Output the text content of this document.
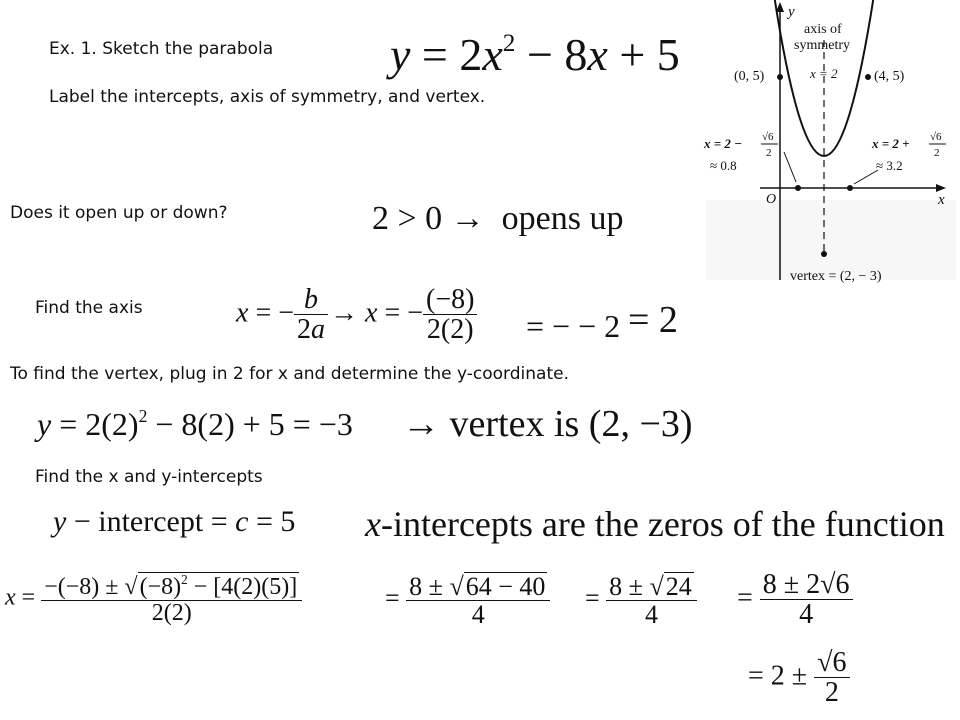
Ex. 1. Sketch the parabola
Label the intercepts, axis of symmetry, and vertex.
Does it open up or down?
Find the axis
To find the vertex, plug in 2 for x and determine the y-coordinate.
Find the x and y-intercepts
$y = 2x^2 - 8x + 5$
2 > 0 →  opens up
x = − $\frac{b}{2a} \to x$ = − $\frac{(-8)}{2(2)}$ = − − 2 = 2
$y = 2(2)^2 - 8(2) + 5 = -3$ → vertex is (2, −3)
y − intercept = c = 5 x-intercepts are the zeros of the function
$x = \frac{-(-8) \pm √(-8)^2 - [4(2)(5)]}{2(2)}$	= $\frac{8 \pm √64 - 40}{4} = \frac{8 \pm √24}{4} = \frac{8 \pm 2√6}{4}$
= $2 \pm \frac{√6}{2}$
y
x
O
axis of
symmetry
x = 2
(0, 5)	(4, 5)
x = 2 − √6
2
≈ 0.8
x = 2 + √6
2
≈ 3.2
vertex = (2, − 3)
